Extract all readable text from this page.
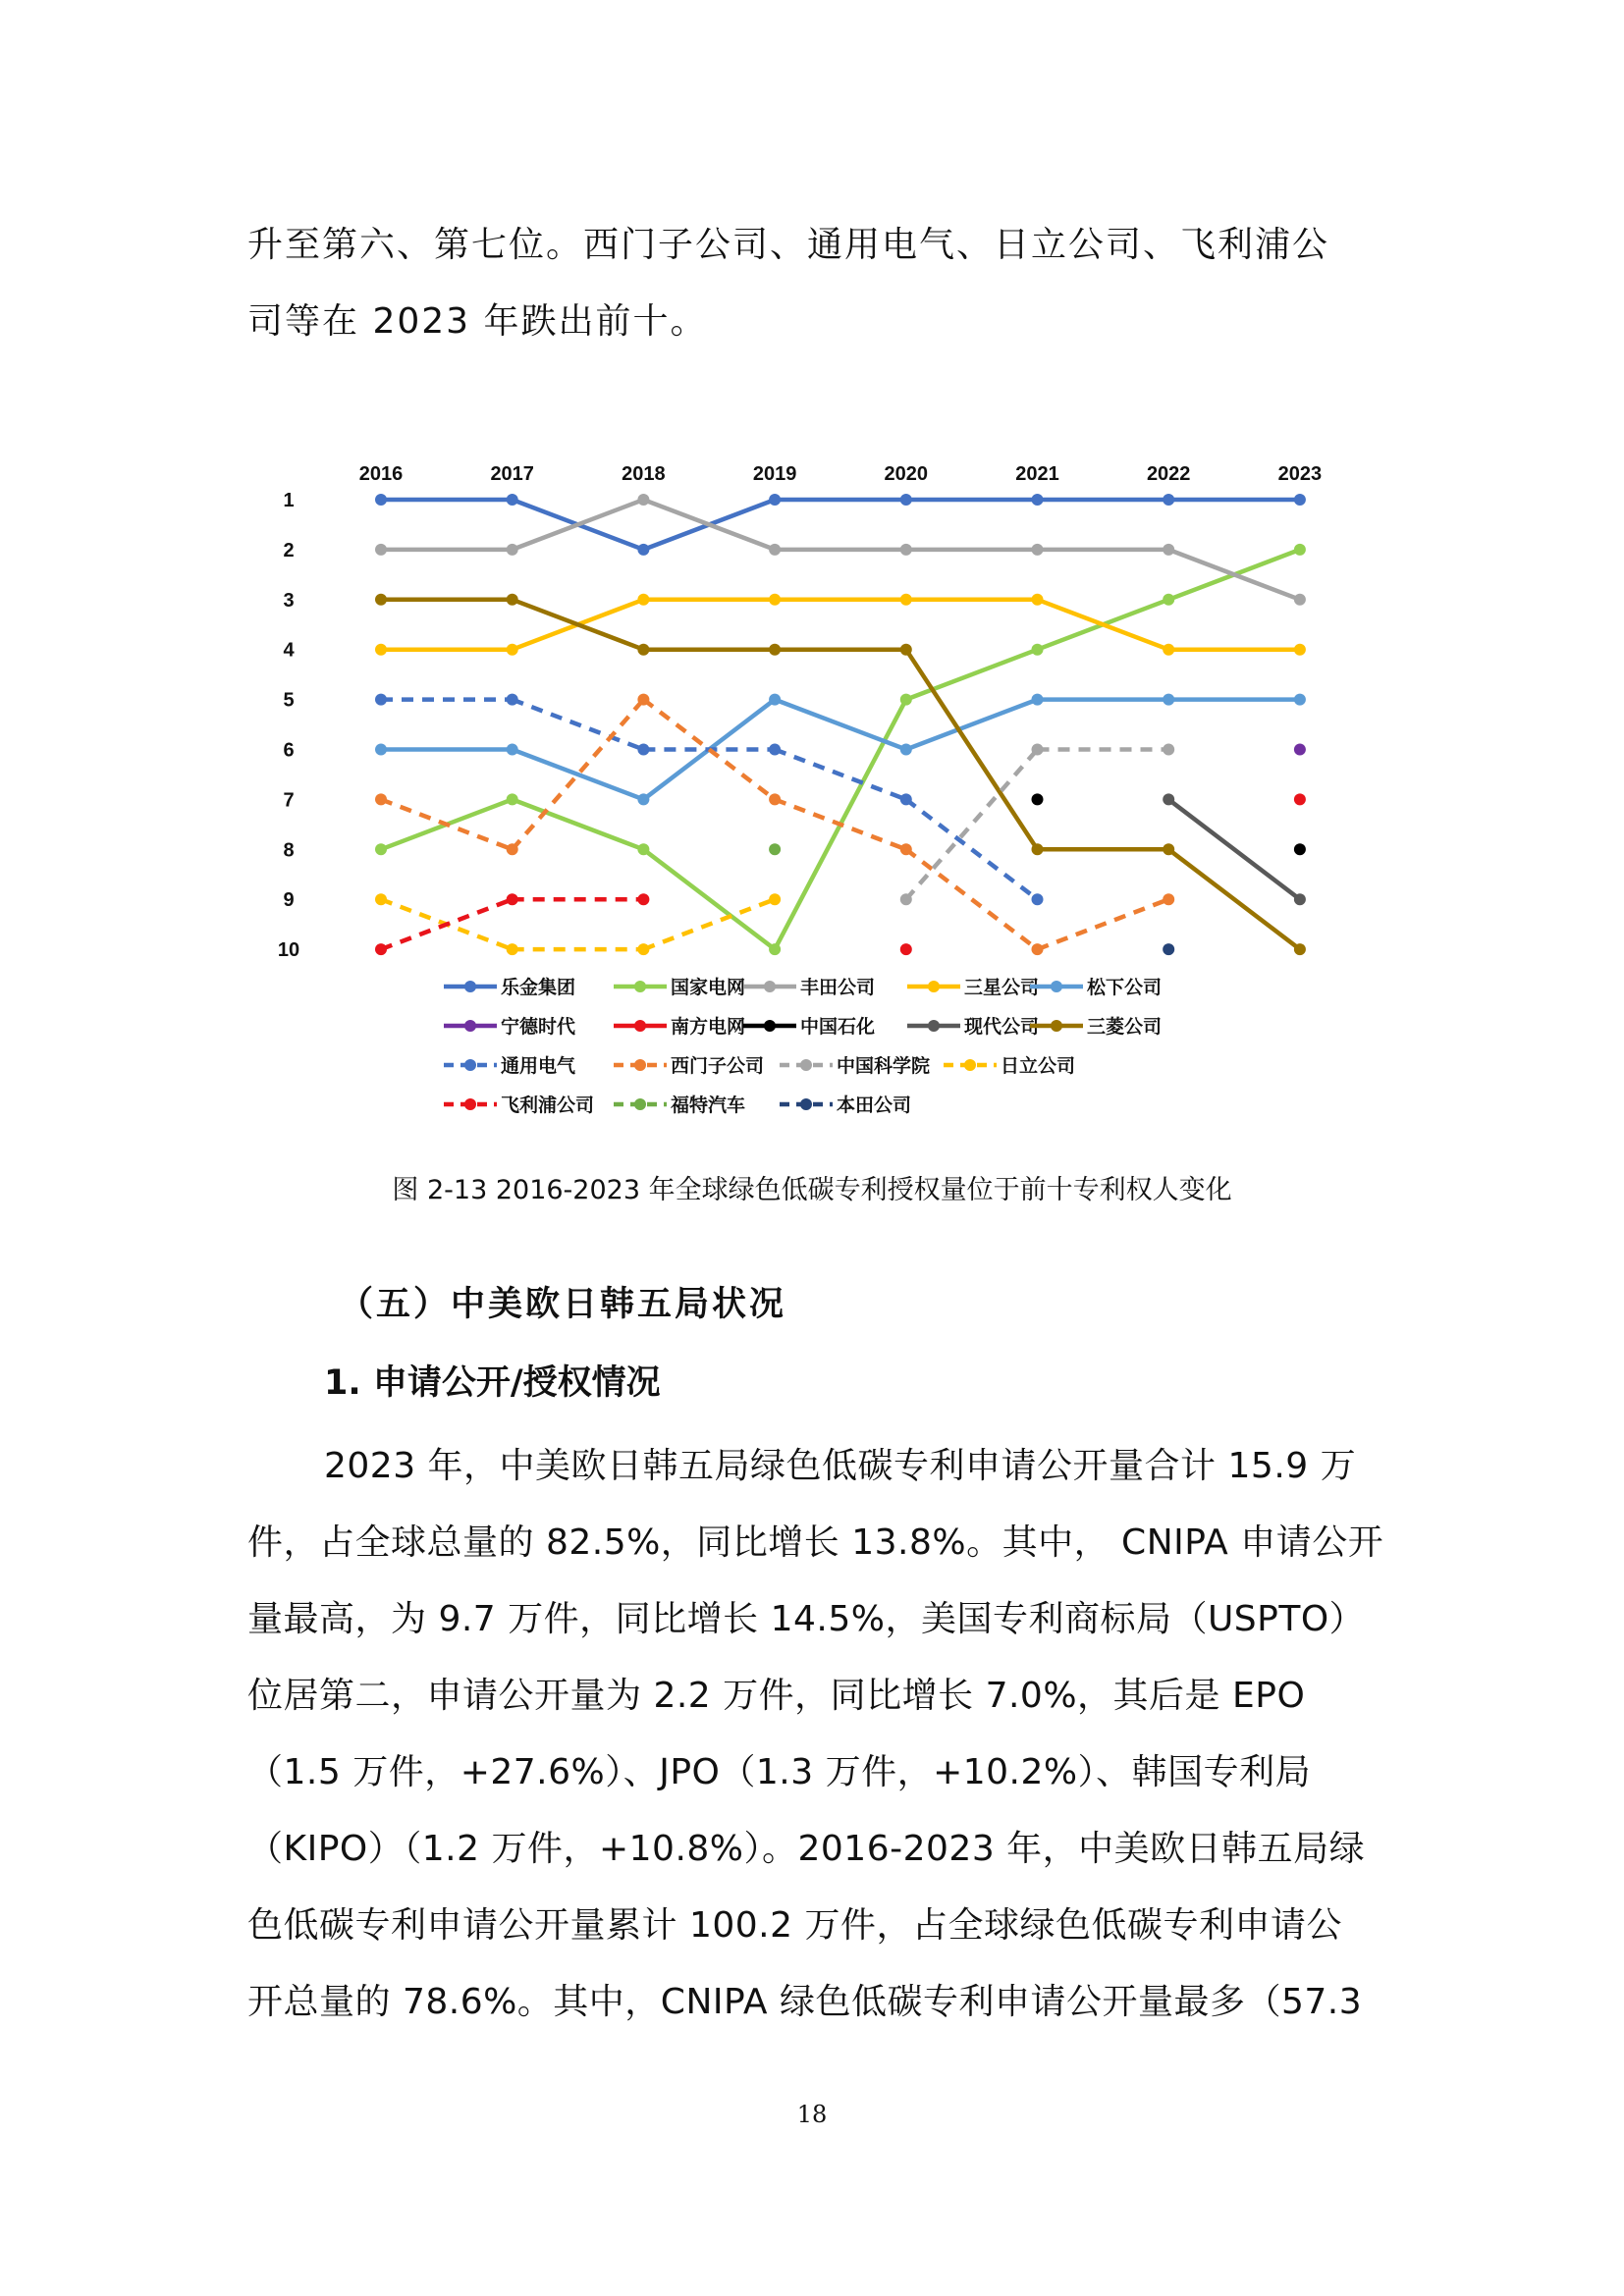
升至第六、第七位。西门子公司、通用电气、日立公司、飞利浦公
司等在 2023 年跌出前十。
2016	2017	2018	2019	2020	2021	2022	2023
1
2
3
4
5
6
7
8
9
10
乐金集团	国家电网	丰田公司	三星公司	松下公司
宁德时代	南方电网	中国石化	现代公司	三菱公司
通用电气	西门子公司	中国科学院	日立公司
飞利浦公司	福特汽车	本田公司
图 2-13 2016-2023 年全球绿色低碳专利授权量位于前十专利权人变化
（五）中美欧日韩五局状况
1. 申请公开/授权情况
2023 年，中美欧日韩五局绿色低碳专利申请公开量合计 15.9 万
件，占全球总量的 82.5%，同比增长 13.8%。其中， CNIPA 申请公开
量最高，为 9.7 万件，同比增长 14.5%，美国专利商标局（USPTO）
位居第二，申请公开量为 2.2 万件，同比增长 7.0%，其后是 EPO
（1.5 万件，+27.6%）、JPO（1.3 万件，+10.2%）、韩国专利局
（KIPO）（1.2 万件，+10.8%）。2016-2023 年，中美欧日韩五局绿
色低碳专利申请公开量累计 100.2 万件，占全球绿色低碳专利申请公
开总量的 78.6%。其中，CNIPA 绿色低碳专利申请公开量最多（57.3
18
